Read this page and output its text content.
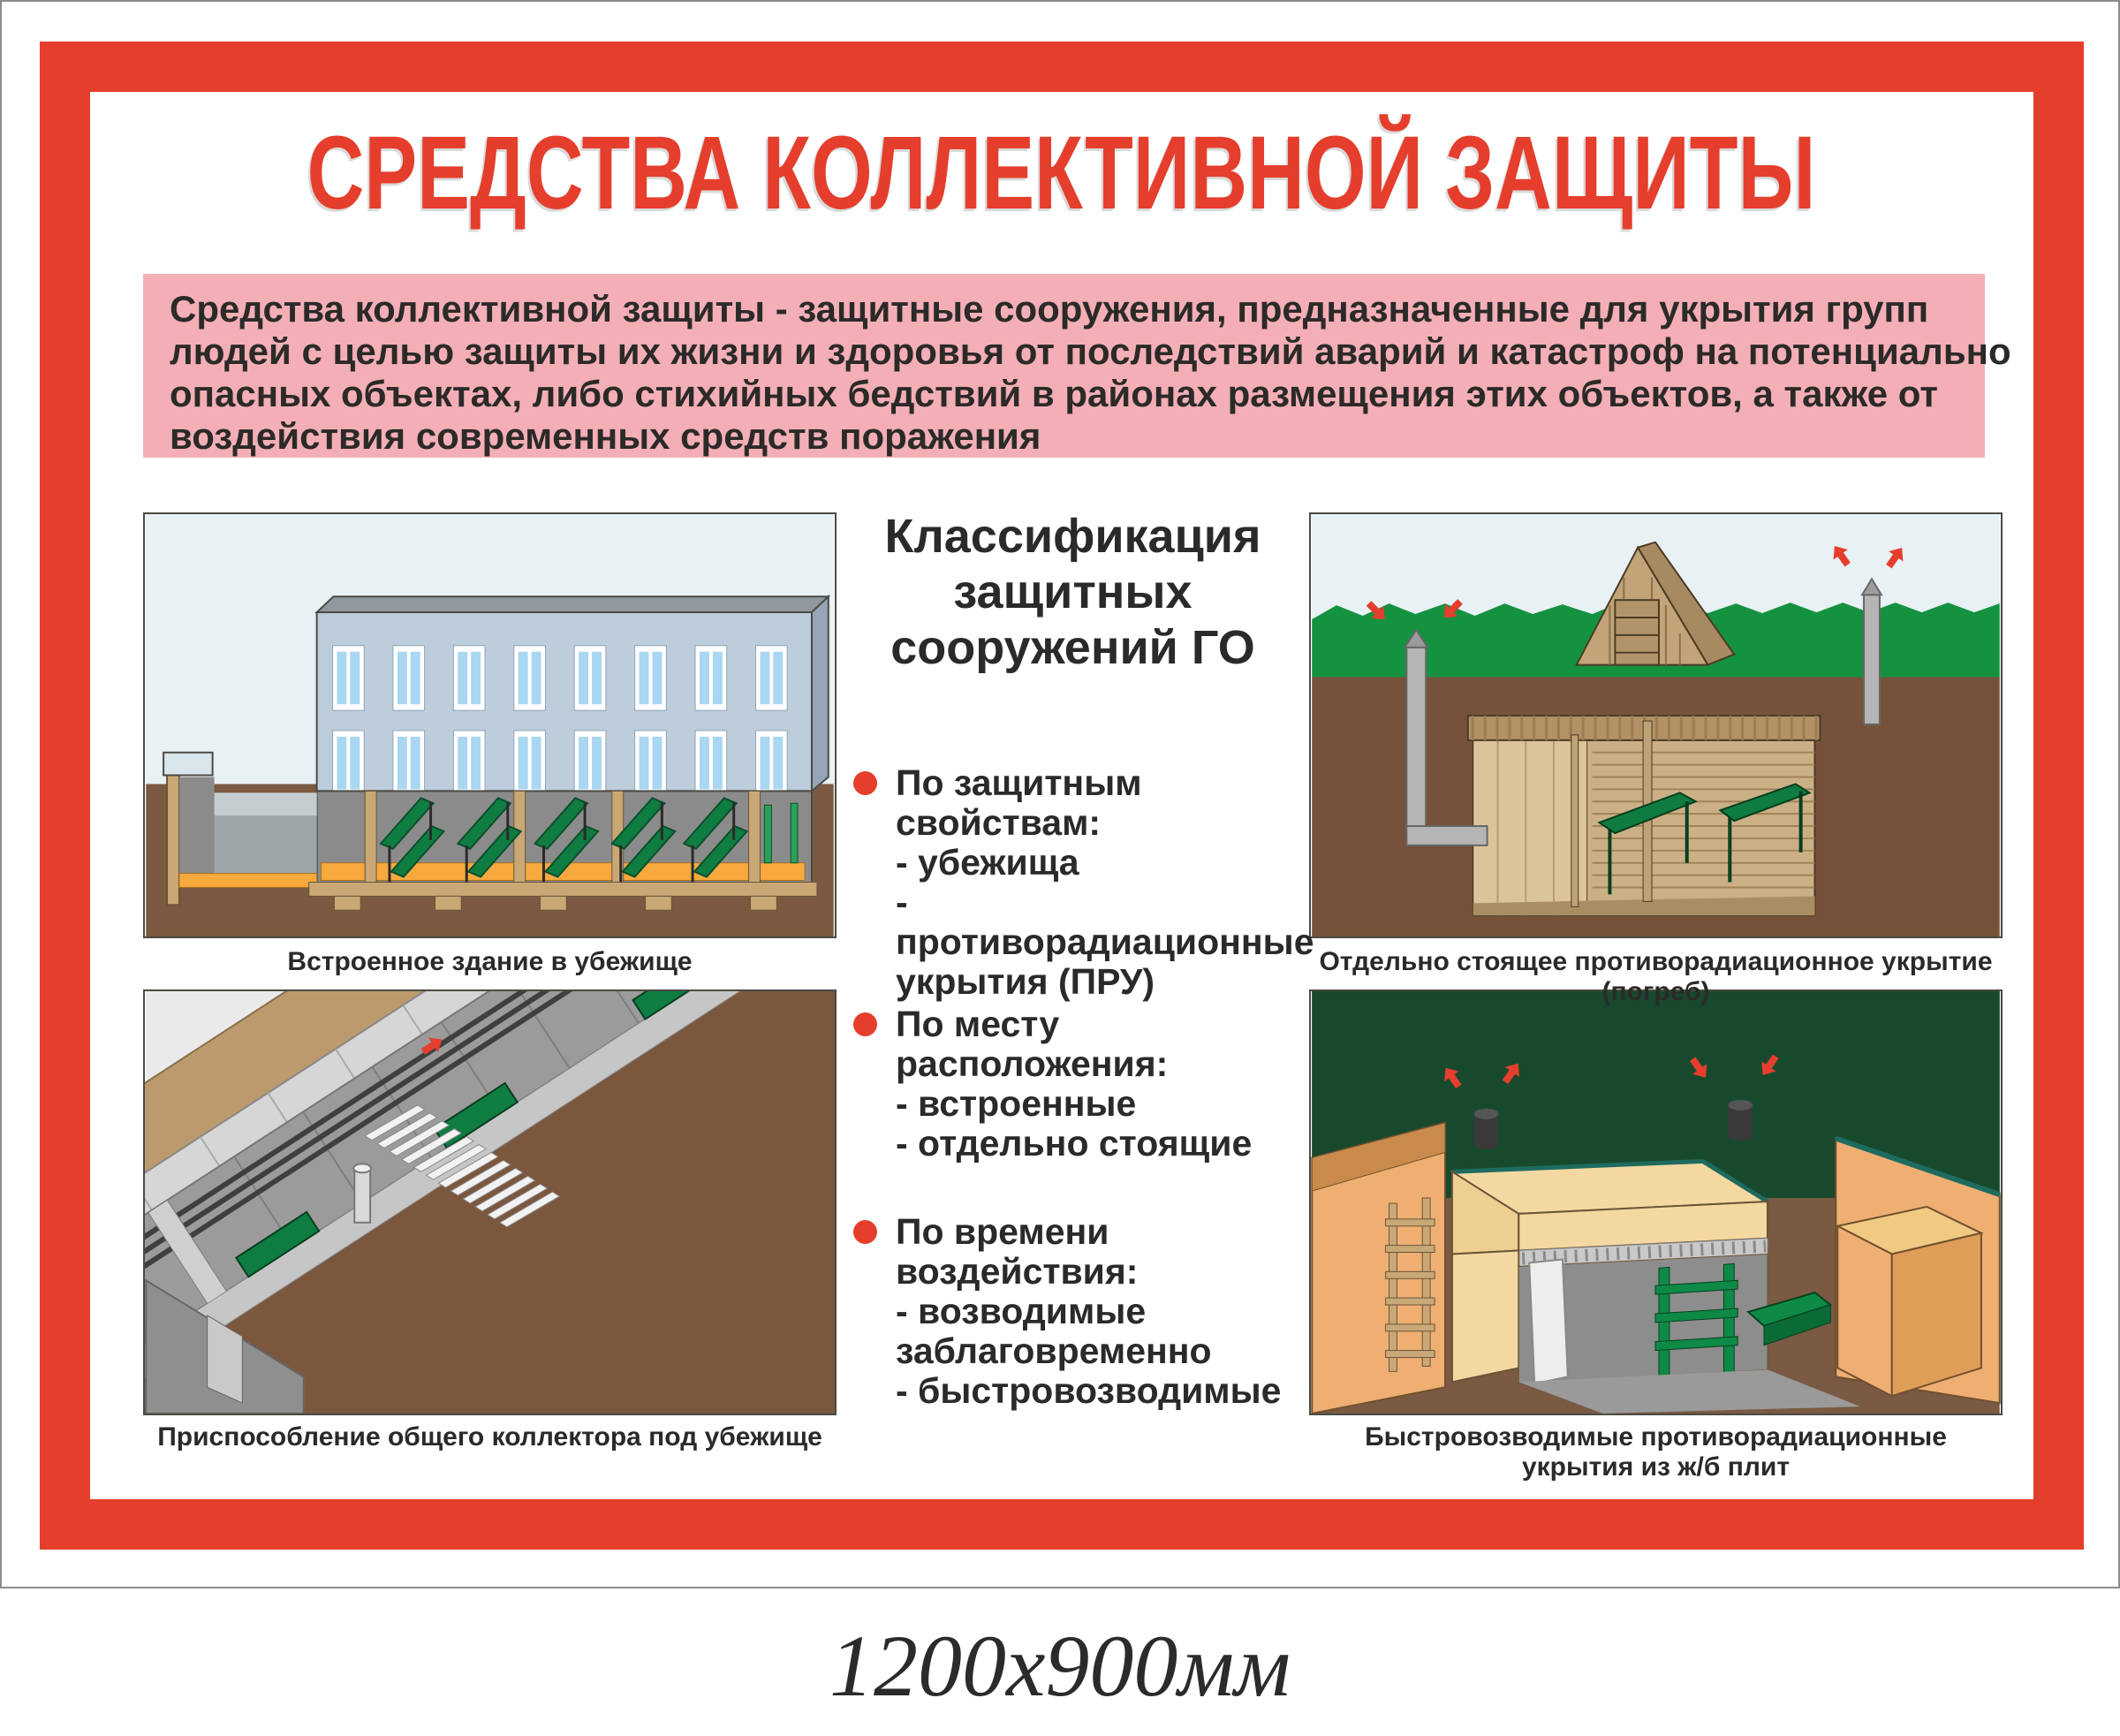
СРЕДСТВА КОЛЛЕКТИВНОЙ ЗАЩИТЫ
Средства коллективной защиты - защитные сооружения, предназначенные для укрытия групп
людей с целью защиты их жизни и здоровья от последствий аварий и катастроф на потенциально
опасных объектах, либо стихийных бедствий в районах размещения этих объектов, а также от
воздействия современных средств поражения
Встроенное здание в убежище	Отдельно стоящее противорадиационное укрытие (погреб)
Приспособление общего коллектора под убежище	Быстровозводимые противорадиационные укрытия из ж/б плит
Классификация
защитных
сооружений ГО
По защитным свойствам:
- убежища
- противорадиационные
укрытия (ПРУ)
По месту расположения:
- встроенные
- отдельно стоящие
По времени воздействия:
- возводимые
заблаговременно
- быстровозводимые
1200x900мм
